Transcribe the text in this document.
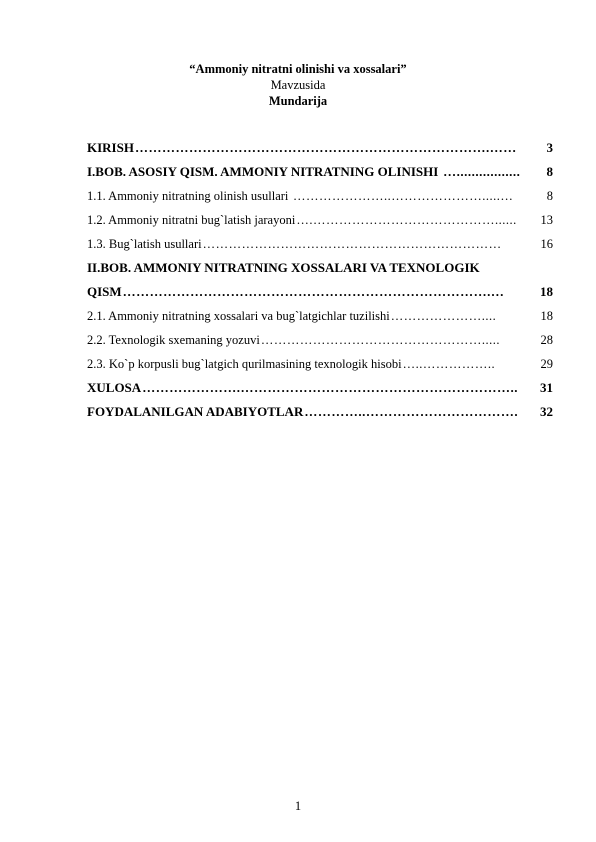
“Ammoniy nitratni olinishi va xossalari”
Mavzusida
Mundarija
KIRISH…………………………………………………………………….……	3
I.BOB. ASOSIY QISM. AMMONIY NITRATNING OLINISHI ….................	8
1.1. Ammoniy nitratning olinish usullari …………………..………………….....…	8
1.2. Ammoniy nitratni bug`latish jarayoni….……………………………………......	13
1.3. Bug`latish usullari……………………………………………………………	16
II.BOB. AMMONIY NITRATNING XOSSALARI VA TEXNOLOGIK
QISM……………………………………………………………………….…	18
2.1. Ammoniy nitratning xossalari va bug`latgichlar tuzilishi…………………....	18
2.2. Texnologik sxemaning yozuvi…………………………………………….....	28
2.3. Ko`p korpusli bug`latgich qurilmasining texnologik hisobi…..……………..	29
XULOSA………………….……………………………………………………..	31
FOYDALANILGAN ADABIYOTLAR…………..…………………………….	32
1
